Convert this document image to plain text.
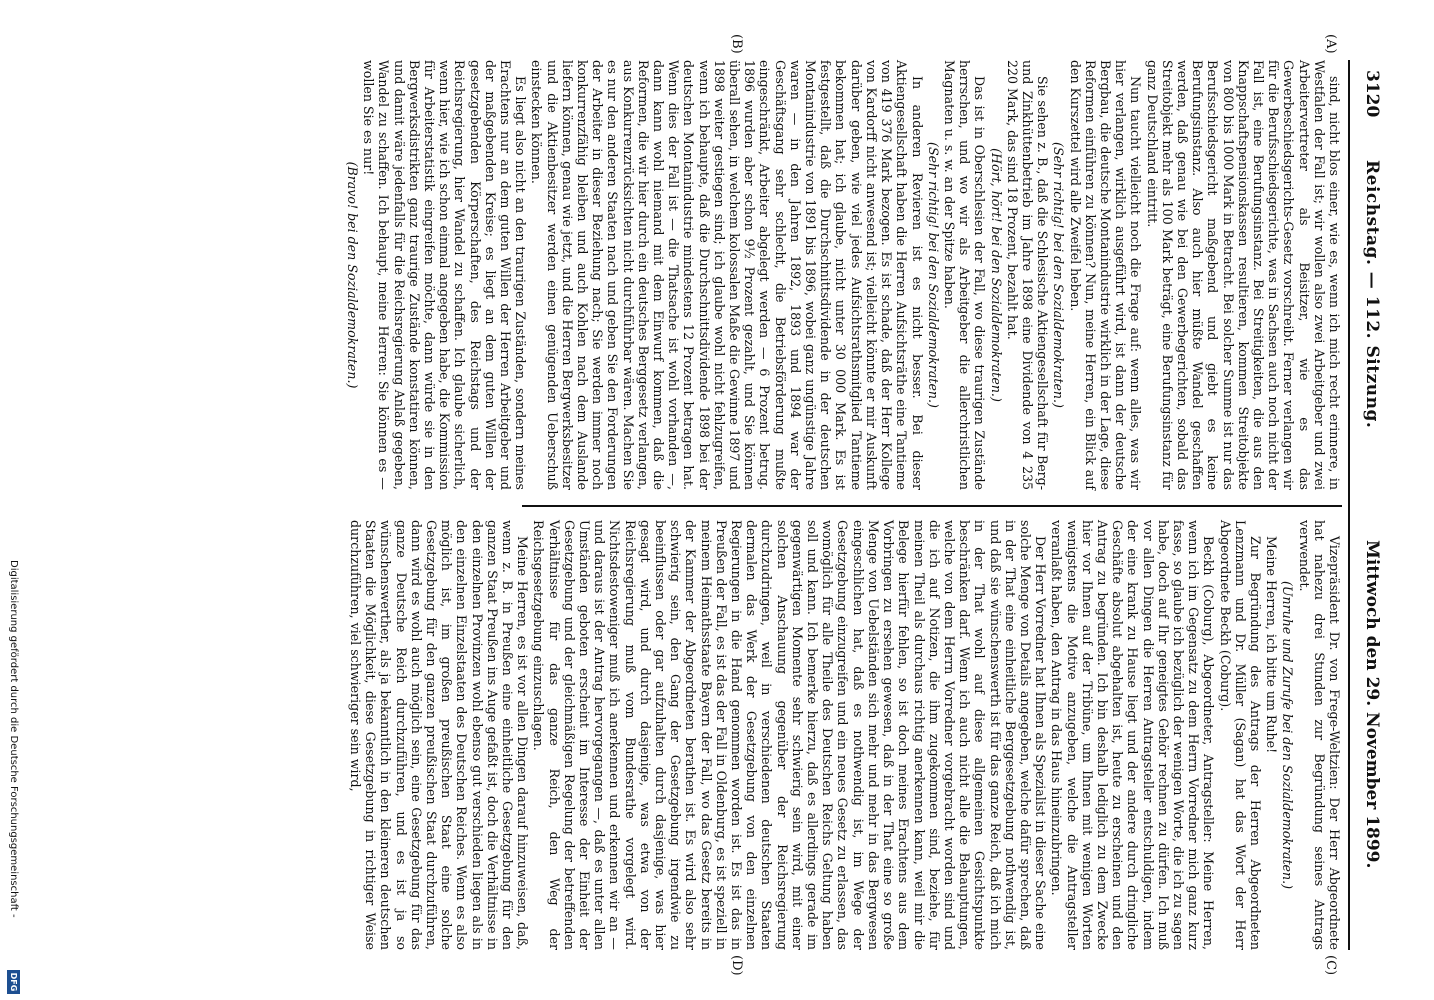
3120
Reichstag. — 112. Sitzung.
Mittwoch den 29. November 1899.
(A)
(B)
(C)
(D)

sind, nicht blos einer, wie es, wenn ich mich recht erinnere, in Westfalen der Fall ist; wir wollen also zwei Arbeitgeber und zwei Arbeitervertreter als Beisitzer, wie es das Gewerbeschiedsgerichts-Gesetz vorschreibt. Ferner verlangen wir für die Berufsschiedsgerichte, was in Sachsen auch noch nicht der Fall ist, eine Berufungsinstanz. Bei Streitigkeiten, die aus den Knappschaftspensionskassen resultieren, kommen Streitobjekte von 800 bis 1000 Mark in Betracht. Bei solcher Summe ist nur das Berufsschiedsgericht maßgebend und giebt es keine Berufungsinstanz. Also auch hier müßte Wandel geschaffen werden, daß genau wie bei den Gewerbegerichten, sobald das Streitobjekt mehr als 100 Mark beträgt, eine Berufungsinstanz für ganz Deutschland eintritt.

Nun taucht vielleicht noch die Frage auf: wenn alles, was wir hier verlangen, wirklich ausgeführt wird, ist dann der deutsche Bergbau, die deutsche Montanindustrie wirklich in der Lage, diese Reformen einführen zu können? Nun, meine Herren, ein Blick auf den Kurszettel wird alle Zweifel heben.

(Sehr richtig! bei den Sozialdemokraten.)

Sie sehen z. B., daß die Schlesische Aktiengesellschaft für Berg- und Zinkhüttenbetrieb im Jahre 1898 eine Dividende von 4 235 220 Mark, das sind 18 Prozent, bezahlt hat.

(Hört, hört! bei den Sozialdemokraten.)

Das ist in Oberschlesien der Fall, wo diese traurigen Zustände herrschen, und wo wir als Arbeitgeber die allerchristlichen Magnaten u. s. w. an der Spitze haben.

(Sehr richtig! bei den Sozialdemokraten.)

In anderen Revieren ist es nicht besser. Bei dieser Aktiengesellschaft haben die Herren Aufsichtsräthe eine Tantieme von 419 376 Mark bezogen. Es ist schade, daß der Herr Kollege von Kardorff nicht anwesend ist; vielleicht könnte er mir Auskunft darüber geben, wie viel jedes Aufsichtsrathsmitglied Tantieme bekommen hat; ich glaube, nicht unter 30 000 Mark. Es ist festgestellt, daß die Durchschnittsdividende in der deutschen Montanindustrie von 1891 bis 1896, wobei ganz ungünstige Jahre waren — in den Jahren 1892, 1893 und 1894 war der Geschäftsgang sehr schlecht, die Betriebsförderung mußte eingeschränkt, Arbeiter abgelegt werden — 6 Prozent betrug. 1896 wurden aber schon 9½ Prozent gezahlt, und Sie können überall sehen, in welchem kolossalen Maße die Gewinne 1897 und 1898 weiter gestiegen sind; ich glaube wohl nicht fehlzugreifen, wenn ich behaupte, daß die Durchschnittsdividende 1898 bei der deutschen Montanindustrie mindestens 12 Prozent betragen hat. Wenn dies der Fall ist — die Thatsache ist wohl vorhanden —, dann kann wohl niemand mit dem Einwurf kommen, daß die Reformen, die wir hier durch ein deutsches Berggesetz verlangen, aus Konkurrenzrücksichten nicht durchführbar wären. Machen Sie es nur den anderen Staaten nach und geben Sie den Forderungen der Arbeiter in dieser Beziehung nach; Sie werden immer noch konkurrenzfähig bleiben und auch Kohlen nach dem Auslande liefern können, genau wie jetzt, und die Herren Bergwerksbesitzer und die Aktienbesitzer werden einen genügenden Ueberschuß einstecken können.

Es liegt also nicht an den traurigen Zuständen, sondern meines Erachtens nur an dem guten Willen der Herren Arbeitgeber und der maßgebenden Kreise; es liegt an dem guten Willen der gesetzgebenden Körperschaften, des Reichstags und der Reichsregierung, hier Wandel zu schaffen. Ich glaube sicherlich, wenn hier, wie ich schon einmal angegeben habe, die Kommission für Arbeiterstatistik eingreifen möchte, dann würde sie in den Bergwerksdistrikten ganz traurige Zustände konstatiren können, und damit wäre jedenfalls für die Reichsregierung Anlaß gegeben, Wandel zu schaffen. Ich behaupt, meine Herren: Sie können es — wollen Sie es nur!

(Bravo! bei den Sozialdemokraten.)

Vizepräsident Dr. von Frege-Weltzien: Der Herr Abgeordnete hat nahezu drei Stunden zur Begründung seines Antrags verwendet.

(Unruhe und Zurufe bei den Sozialdemokraten.)

Meine Herren, ich bitte um Ruhe!

Zur Begründung des Antrags der Herren Abgeordneten Lenzmann und Dr. Müller (Sagan) hat das Wort der Herr Abgeordnete Beckh (Coburg).

Beckh (Coburg), Abgeordneter, Antragsteller: Meine Herren, wenn ich im Gegensatz zu dem Herrn Vorredner mich ganz kurz fasse, so glaube ich bezüglich der wenigen Worte, die ich zu sagen habe, doch auf Ihr geneigtes Gehör rechnen zu dürfen. Ich muß vor allen Dingen die Herren Antragsteller entschuldigen, indem der eine krank zu Hause liegt und der andere durch dringliche Geschäfte absolut abgehalten ist, heute zu erscheinen und den Antrag zu begründen. Ich bin deshalb lediglich zu dem Zwecke hier vor Ihnen auf der Tribüne, um Ihnen mit wenigen Worten wenigstens die Motive anzugeben, welche die Antragsteller veranlaßt haben, den Antrag in das Haus hineinzubringen.

Der Herr Vorredner hat Ihnen als Spezialist in dieser Sache eine solche Menge von Details angegeben, welche dafür sprechen, daß in der That eine einheitliche Berggesetzgebung nothwendig ist, und daß sie wünschenswerth ist für das ganze Reich, daß ich mich in der That wohl auf diese allgemeinen Gesichtspunkte beschränken darf. Wenn ich auch nicht alle die Behauptungen, welche von dem Herrn Vorredner vorgebracht worden sind und die ich auf Notizen, die ihm zugekommen sind, beziehe, für meinen Theil als durchaus richtig anerkennen kann, weil mir die Belege hierfür fehlen, so ist doch meines Erachtens aus dem Vorbringen zu ersehen gewesen, daß in der That eine so große Menge von Uebelständen sich mehr und mehr in das Bergwesen eingeschlichen hat, daß es nothwendig ist, im Wege der Gesetzgebung einzugreifen und ein neues Gesetz zu erlassen, das womöglich für alle Theile des Deutschen Reichs Geltung haben soll und kann. Ich bemerke hierzu, daß es allerdings gerade im gegenwärtigen Momente sehr schwierig sein wird, mit einer solchen Anschauung gegenüber der Reichsregierung durchzudringen, weil in verschiedenen deutschen Staaten dermalen das Werk der Gesetzgebung von den einzelnen Regierungen in die Hand genommen worden ist. Es ist das in Preußen der Fall, es ist das der Fall in Oldenburg, es ist speziell in meinem Heimathsstaate Bayern der Fall, wo das Gesetz bereits in der Kammer der Abgeordneten berathen ist. Es wird also sehr schwierig sein, den Gang der Gesetzgebung irgendwie zu beeinflussen oder gar aufzuhalten durch dasjenige, was hier gesagt wird, und durch dasjenige, was etwa von der Reichsregierung muß vom Bundesrathe vorgelegt wird. Nichtsdestoweniger muß ich anerkennen und erkennen wir an — und daraus ist der Antrag hervorgegangen —, daß es unter allen Umständen geboten erscheint im Interesse der Einheit der Gesetzgebung und der gleichmäßigen Regelung der betreffenden Verhältnisse für das ganze Reich, den Weg der Reichsgesetzgebung einzuschlagen.

Meine Herren, es ist vor allen Dingen darauf hinzuweisen, daß, wenn z. B. in Preußen eine einheitliche Gesetzgebung für den ganzen Staat Preußen ins Auge gefaßt ist, doch die Verhältnisse in den einzelnen Provinzen wohl ebenso gut verschieden liegen als in den einzelnen Einzelstaaten des Deutschen Reiches. Wenn es also möglich ist, im großen preußischen Staat eine solche Gesetzgebung für den ganzen preußischen Staat durchzuführen, dann wird es wohl auch möglich sein, eine Gesetzgebung für das ganze Deutsche Reich durchzuführen, und es ist ja so wünschenswerther, als ja bekanntlich in den kleineren deutschen Staaten die Möglichkeit, diese Gesetzgebung in richtiger Weise durchzuführen, viel schwieriger sein wird,

Digitalisierung gefördert durch die Deutsche Forschungsgemeinschaft -
DFG
